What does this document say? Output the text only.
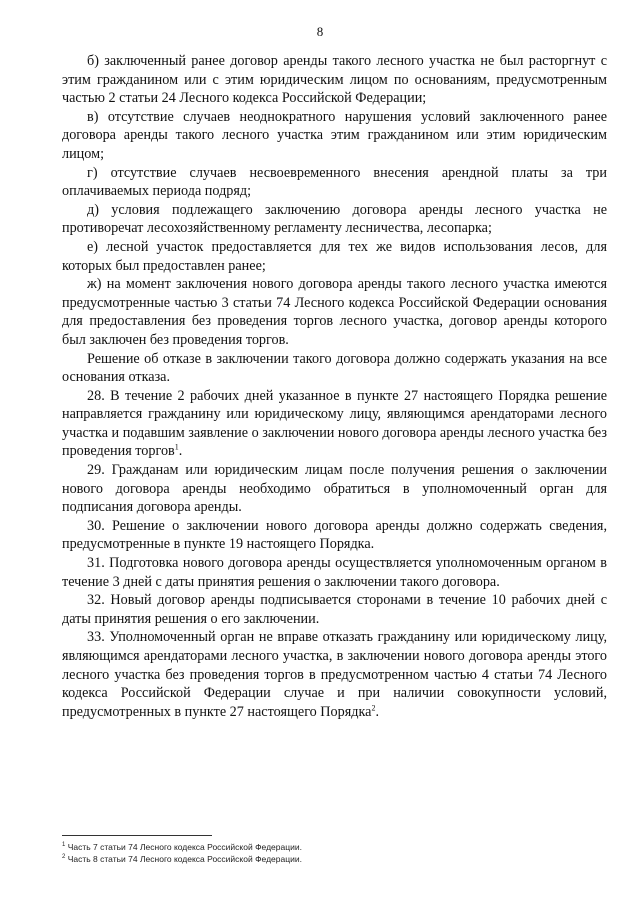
8

б) заключенный ранее договор аренды такого лесного участка не был расторгнут с этим гражданином или с этим юридическим лицом по основаниям, предусмотренным частью 2 статьи 24 Лесного кодекса Российской Федерации;

в) отсутствие случаев неоднократного нарушения условий заключенного ранее договора аренды такого лесного участка этим гражданином или этим юридическим лицом;

г) отсутствие случаев несвоевременного внесения арендной платы за три оплачиваемых периода подряд;

д) условия подлежащего заключению договора аренды лесного участка не противоречат лесохозяйственному регламенту лесничества, лесопарка;

е) лесной участок предоставляется для тех же видов использования лесов, для которых был предоставлен ранее;

ж) на момент заключения нового договора аренды такого лесного участка имеются предусмотренные частью 3 статьи 74 Лесного кодекса Российской Федерации основания для предоставления без проведения торгов лесного участка, договор аренды которого был заключен без проведения торгов.

Решение об отказе в заключении такого договора должно содержать указания на все основания отказа.

28. В течение 2 рабочих дней указанное в пункте 27 настоящего Порядка решение направляется гражданину или юридическому лицу, являющимся арендаторами лесного участка и подавшим заявление о заключении нового договора аренды лесного участка без проведения торгов$^1$.

29. Гражданам или юридическим лицам после получения решения о заключении нового договора аренды необходимо обратиться в уполномоченный орган для подписания договора аренды.

30. Решение о заключении нового договора аренды должно содержать сведения, предусмотренные в пункте 19 настоящего Порядка.

31. Подготовка нового договора аренды осуществляется уполномоченным органом в течение 3 дней с даты принятия решения о заключении такого договора.

32. Новый договор аренды подписывается сторонами в течение 10 рабочих дней с даты принятия решения о его заключении.

33. Уполномоченный орган не вправе отказать гражданину или юридическому лицу, являющимся арендаторами лесного участка, в заключении нового договора аренды этого лесного участка без проведения торгов в предусмотренном частью 4 статьи 74 Лесного кодекса Российской Федерации случае и при наличии совокупности условий, предусмотренных в пункте 27 настоящего Порядка$^2$.

$^1$ Часть 7 статьи 74 Лесного кодекса Российской Федерации.

$^2$ Часть 8 статьи 74 Лесного кодекса Российской Федерации.
